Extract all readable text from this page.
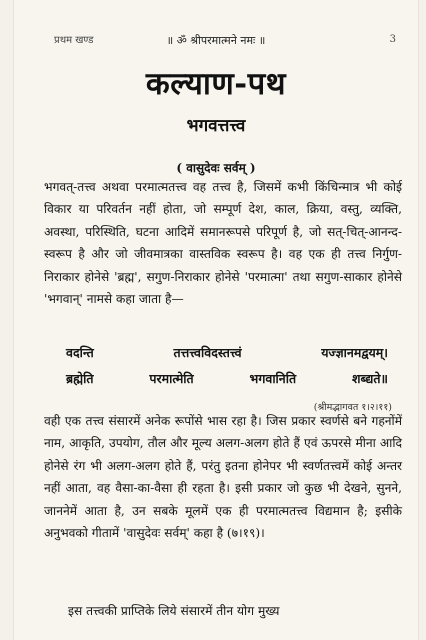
प्रथम खण्ड	3
॥ ॐ श्रीपरमात्मने नमः ॥
कल्याण-पथ
भगवत्तत्त्व
( वासुदेवः सर्वम् )
भगवत्-तत्त्व अथवा परमात्मतत्त्व वह तत्त्व है, जिसमें कभी किंचिन्मात्र भी कोई विकार या परिवर्तन नहीं होता, जो सम्पूर्ण देश, काल, क्रिया, वस्तु, व्यक्ति, अवस्था, परिस्थिति, घटना आदिमें समानरूपसे परिपूर्ण है, जो सत्-चित्-आनन्द-स्वरूप है और जो जीवमात्रका वास्तविक स्वरूप है। वह एक ही तत्त्व निर्गुण-निराकार होनेसे 'ब्रह्म', सगुण-निराकार होनेसे 'परमात्मा' तथा सगुण-साकार होनेसे 'भगवान्' नामसे कहा जाता है—
वदन्ति	तत्तत्त्वविदस्तत्त्वं	यज्ज्ञानमद्वयम्।
ब्रह्मेति	परमात्मेति	भगवानिति	शब्द्यते॥
(श्रीमद्भागवत १।२।११)
वही एक तत्त्व संसारमें अनेक रूपोंसे भास रहा है। जिस प्रकार स्वर्णसे बने गहनोंमें नाम, आकृति, उपयोग, तौल और मूल्य अलग-अलग होते हैं एवं ऊपरसे मीना आदि होनेसे रंग भी अलग-अलग होते हैं, परंतु इतना होनेपर भी स्वर्णतत्त्वमें कोई अन्तर नहीं आता, वह वैसा-का-वैसा ही रहता है। इसी प्रकार जो कुछ भी देखने, सुनने, जाननेमें आता है, उन सबके मूलमें एक ही परमात्मतत्त्व विद्यमान है; इसीके अनुभवको गीतामें 'वासुदेवः सर्वम्' कहा है (७।१९)।
इस तत्त्वकी प्राप्तिके लिये संसारमें तीन योग मुख्य
